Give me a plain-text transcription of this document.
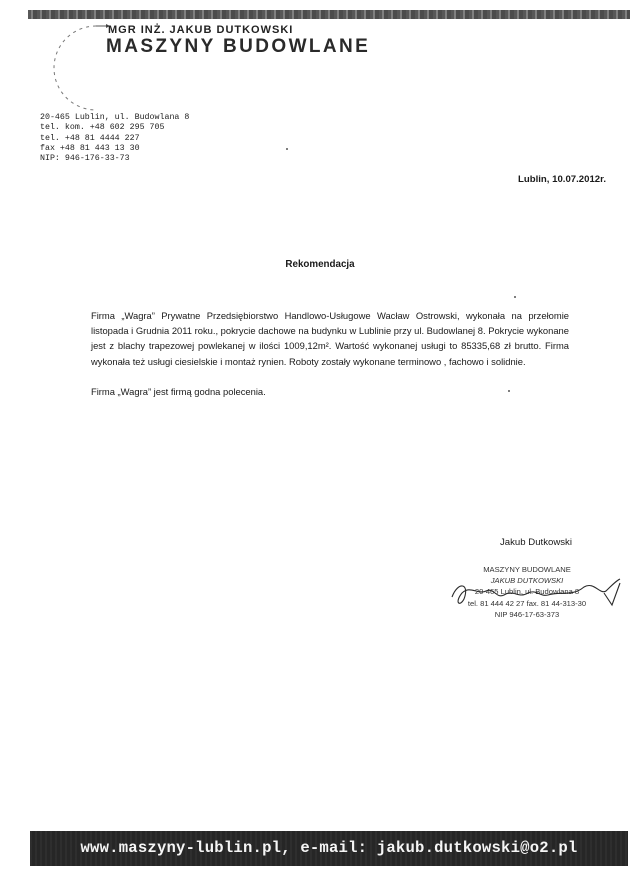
MGR INŻ. JAKUB DUTKOWSKI
MASZYNY BUDOWLANE
20-465 Lublin, ul. Budowlana 8
tel. kom. +48 602 295 705
tel. +48 81 4444 227
fax +48 81 443 13 30
NIP: 946-176-33-73
Lublin, 10.07.2012r.
Rekomendacja

Firma „Wagra” Prywatne Przedsiębiorstwo Handlowo-Usługowe Wacław Ostrowski, wykonała na przełomie listopada i Grudnia 2011 roku., pokrycie dachowe na budynku w Lublinie przy ul. Budowlanej 8. Pokrycie wykonane jest z blachy trapezowej powlekanej w ilości 1009,12m². Wartość wykonanej usługi to 85335,68 zł brutto. Firma wykonała też usługi ciesielskie i montaż rynien. Roboty zostały wykonane terminowo , fachowo i solidnie.

Firma „Wagra” jest firmą godna polecenia.

Jakub Dutkowski
MASZYNY BUDOWLANE
JAKUB DUTKOWSKI
20-465 Lublin, ul. Budowlana 8
tel. 81 444 42 27 fax. 81 44-313-30
NIP 946-17-63-373
www.maszyny-lublin.pl, e-mail: jakub.dutkowski@o2.pl
